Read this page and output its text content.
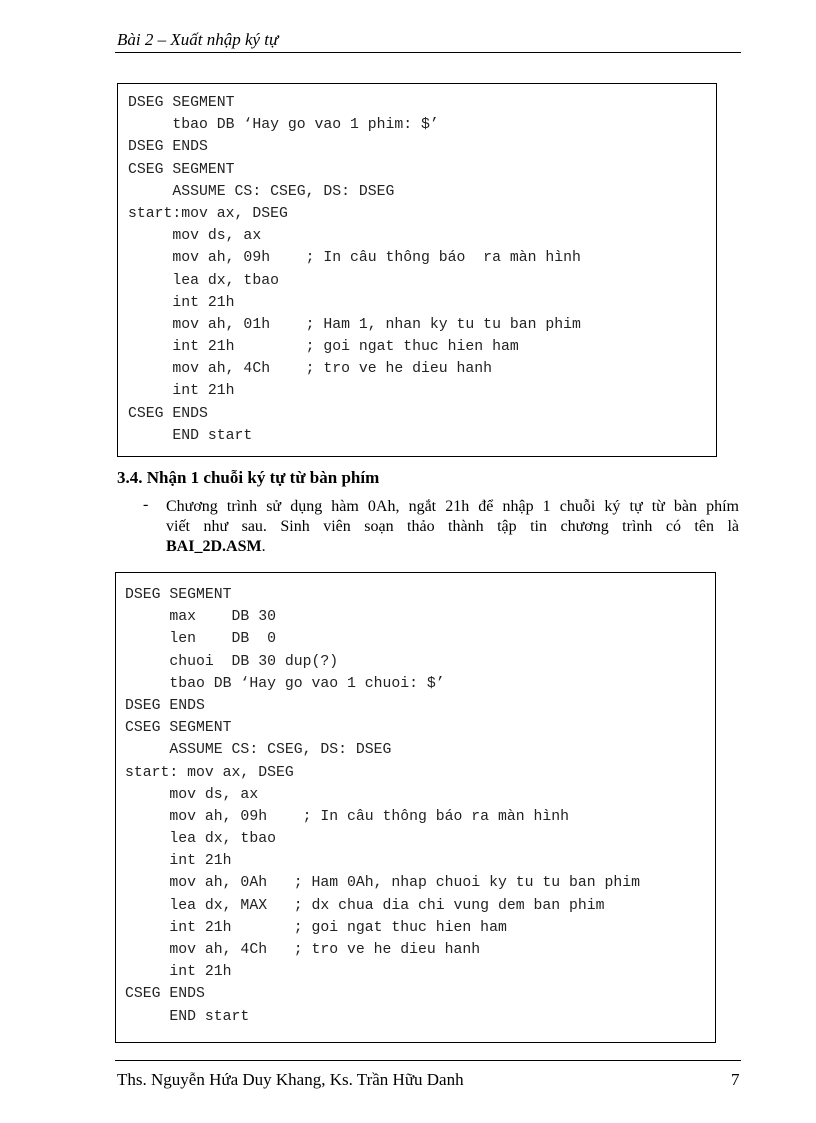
Bài 2 – Xuất nhập ký tự
DSEG SEGMENT
tbao DB ‘Hay go vao 1 phim: $’
DSEG ENDS
CSEG SEGMENT
ASSUME CS: CSEG, DS: DSEG
start:mov ax, DSEG
mov ds, ax
mov ah, 09h    ; In câu thông báo  ra màn hình
lea dx, tbao
int 21h
mov ah, 01h    ; Ham 1, nhan ky tu tu ban phim
int 21h        ; goi ngat thuc hien ham
mov ah, 4Ch    ; tro ve he dieu hanh
int 21h
CSEG ENDS
END start
3.4. Nhận 1 chuỗi ký tự từ bàn phím
- Chương trình sử dụng hàm 0Ah, ngắt 21h để nhập 1 chuỗi ký tự từ bàn phím
viết như sau. Sinh viên soạn thảo thành tập tin chương trình có tên là
BAI_2D.ASM.
DSEG SEGMENT
max    DB 30
len    DB  0
chuoi  DB 30 dup(?)
tbao DB ‘Hay go vao 1 chuoi: $’
DSEG ENDS
CSEG SEGMENT
ASSUME CS: CSEG, DS: DSEG
start: mov ax, DSEG
mov ds, ax
mov ah, 09h    ; In câu thông báo ra màn hình
lea dx, tbao
int 21h
mov ah, 0Ah   ; Ham 0Ah, nhap chuoi ky tu tu ban phim
lea dx, MAX   ; dx chua dia chi vung dem ban phim
int 21h       ; goi ngat thuc hien ham
mov ah, 4Ch   ; tro ve he dieu hanh
int 21h
CSEG ENDS
END start
Ths. Nguyễn Hứa Duy Khang, Ks. Trần Hữu Danh	7
